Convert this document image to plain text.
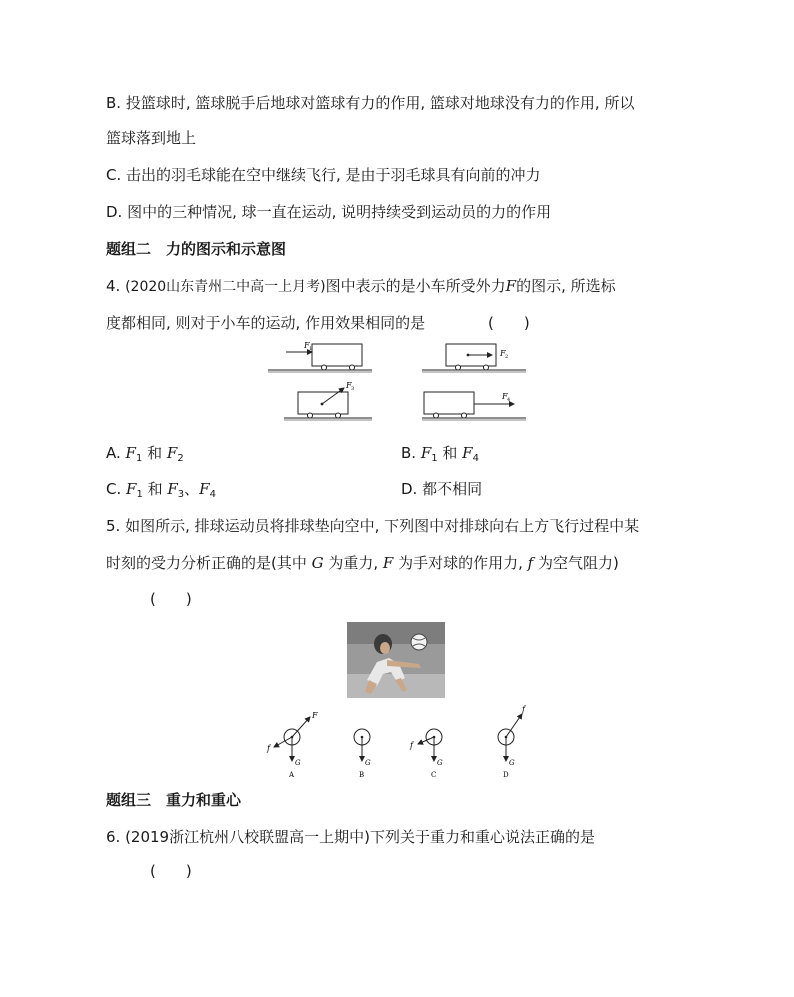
B. 投篮球时, 篮球脱手后地球对篮球有力的作用, 篮球对地球没有力的作用, 所以
篮球落到地上
C. 击出的羽毛球能在空中继续飞行, 是由于羽毛球具有向前的冲力
D. 图中的三种情况, 球一直在运动, 说明持续受到运动员的力的作用
题组二　力的图示和示意图
4. (2020山东青州二中高一上月考)图中表示的是小车所受外力F的图示, 所选标
度都相同, 则对于小车的运动, 作用效果相同的是	(　　)
F 1	F 2
F 3
F 4
A. $F_1$ 和 $F_2$	B. $F_1$ 和 $F_4$
C. $F_1$ 和 $F_3$、$F_4$	D. 都不相同
5. 如图所示, 排球运动员将排球垫向空中, 下列图中对排球向右上方飞行过程中某
时刻的受力分析正确的是(其中 G 为重力, F 为手对球的作用力, f 为空气阻力)
(　　)
F
f
G
A
G
B
f
G
C
f
G
D
题组三　重力和重心
6. (2019浙江杭州八校联盟高一上期中)下列关于重力和重心说法正确的是
(　　)
